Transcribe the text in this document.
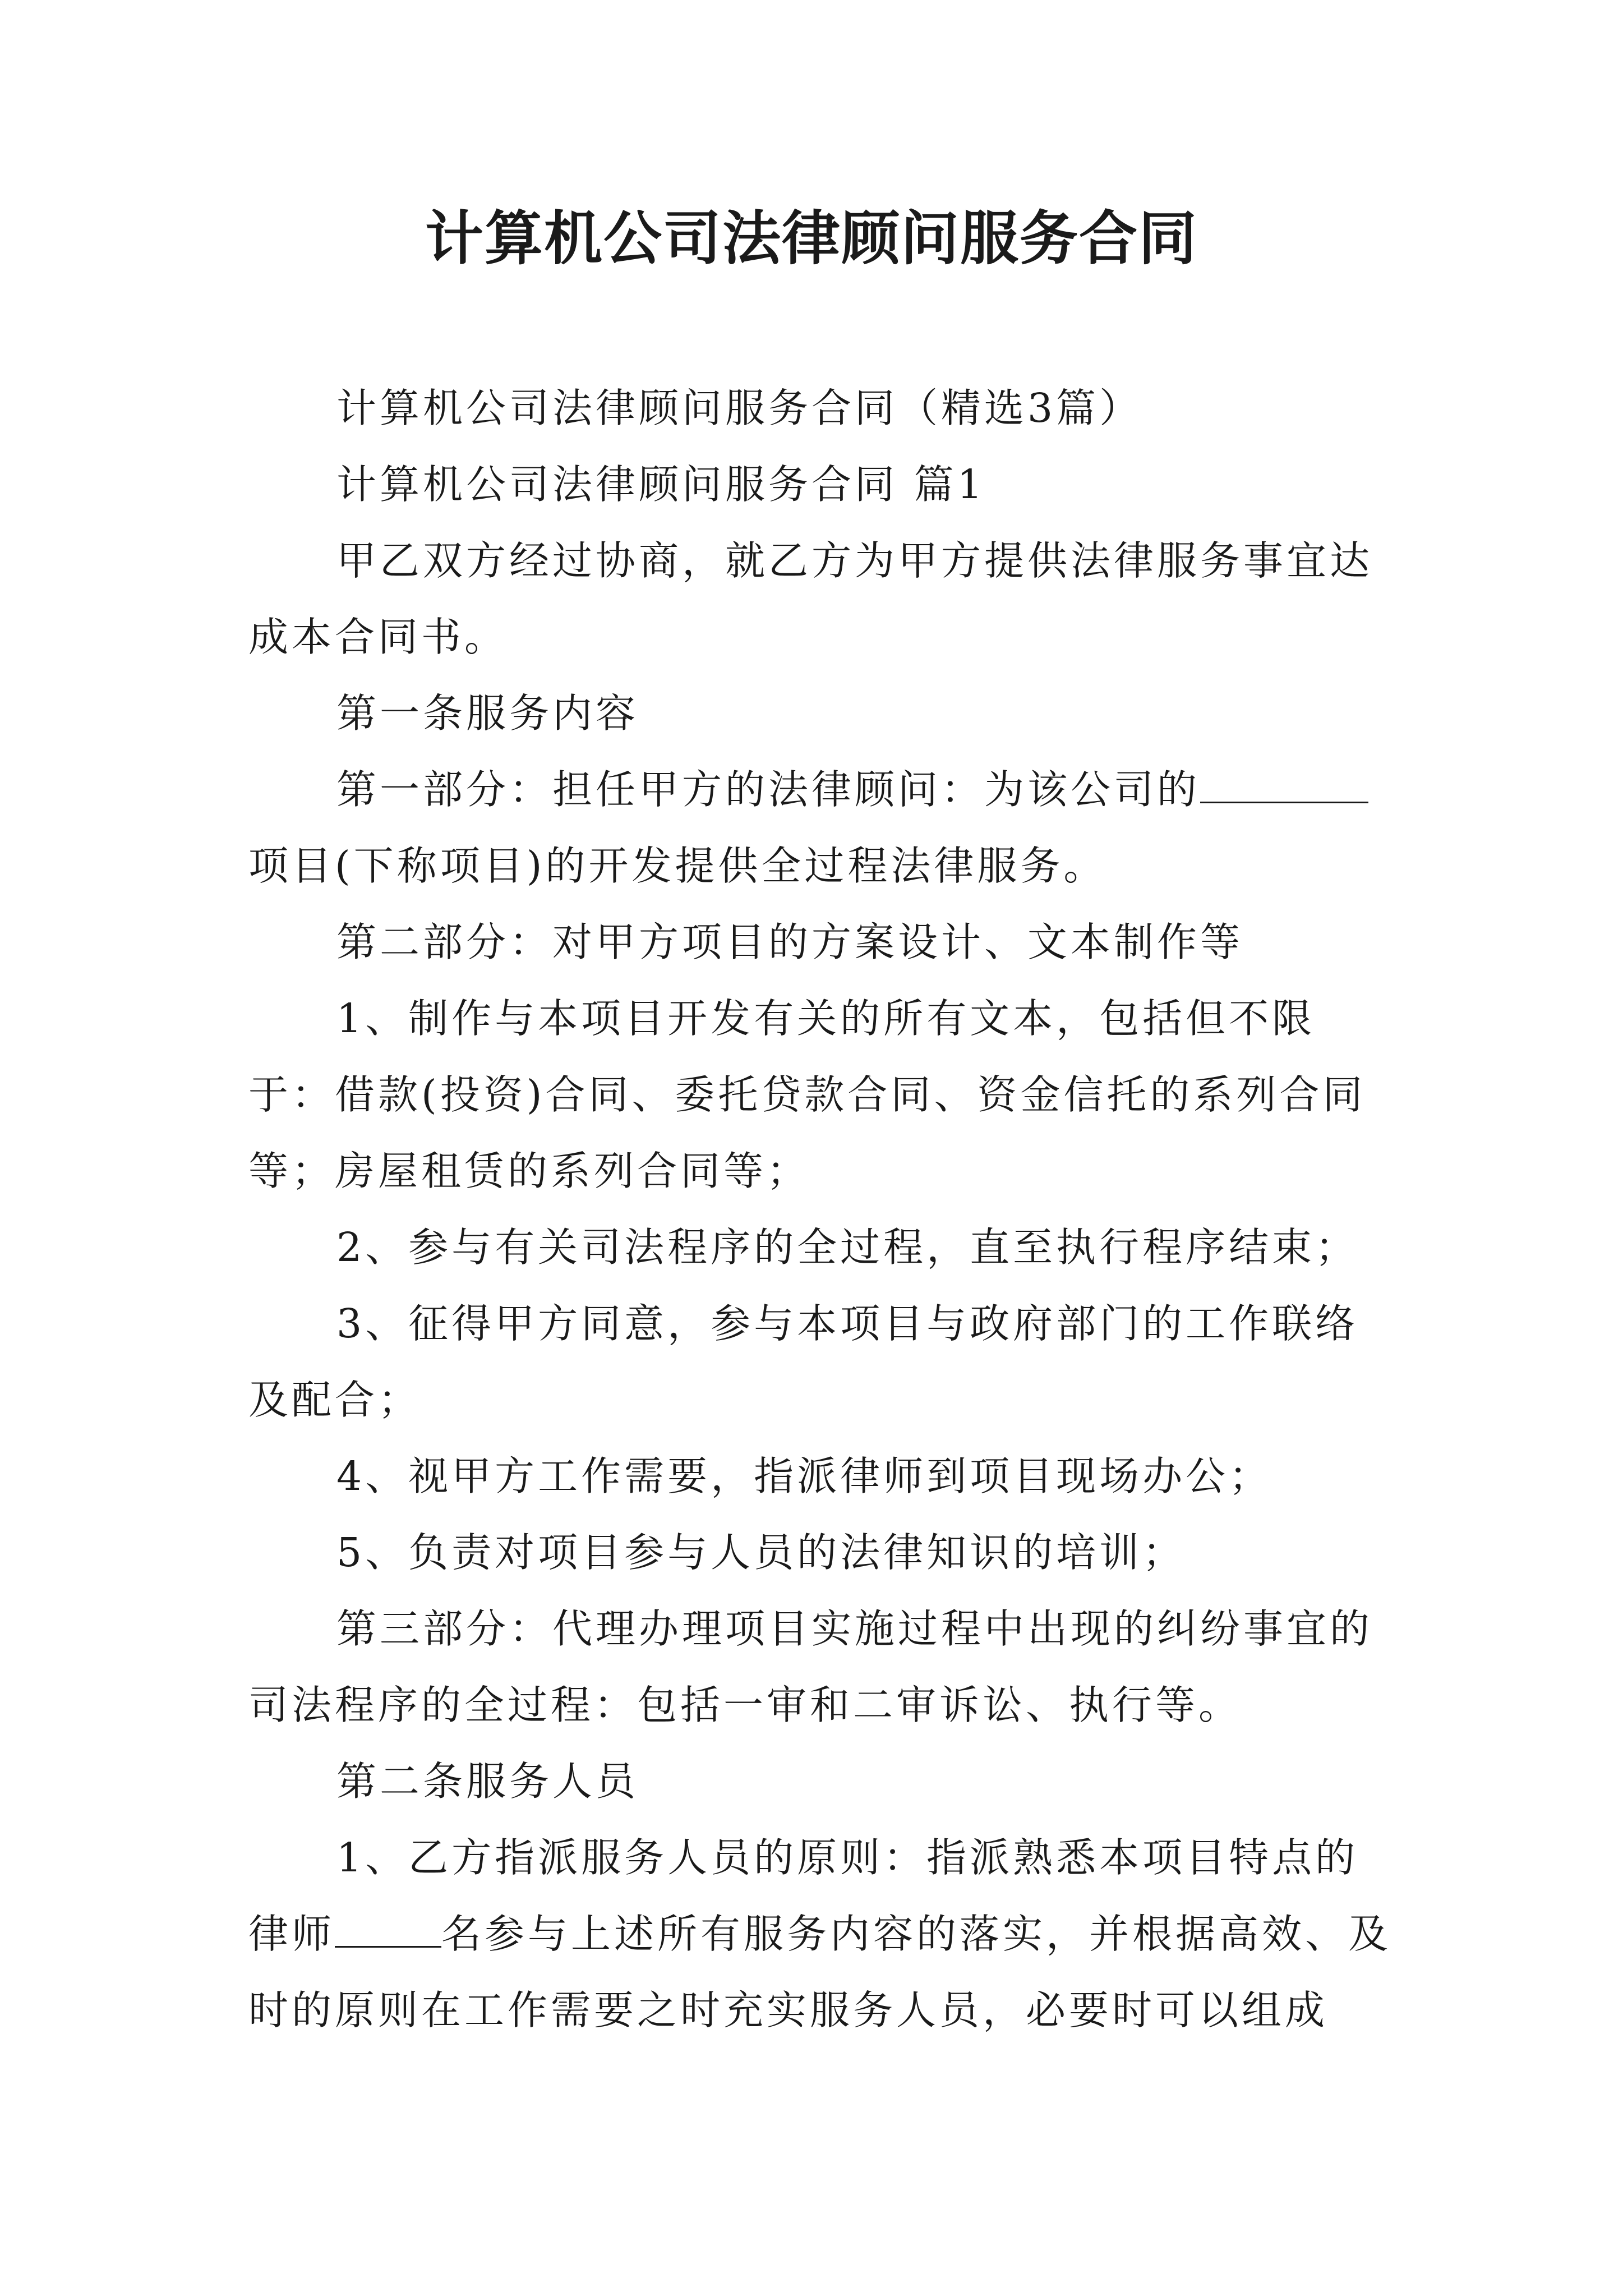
计算机公司法律顾问服务合同

计算机公司法律顾问服务合同（精选3篇）

计算机公司法律顾问服务合同 篇1

甲乙双方经过协商，就乙方为甲方提供法律服务事宜达成本合同书。

第一条服务内容

第一部分：担任甲方的法律顾问：为该公司的项目(下称项目)的开发提供全过程法律服务。

第二部分：对甲方项目的方案设计、文本制作等

1、制作与本项目开发有关的所有文本，包括但不限于：借款(投资)合同、委托贷款合同、资金信托的系列合同等；房屋租赁的系列合同等；

2、参与有关司法程序的全过程，直至执行程序结束；

3、征得甲方同意，参与本项目与政府部门的工作联络及配合；

4、视甲方工作需要，指派律师到项目现场办公；

5、负责对项目参与人员的法律知识的培训；

第三部分：代理办理项目实施过程中出现的纠纷事宜的司法程序的全过程：包括一审和二审诉讼、执行等。

第二条服务人员

1、乙方指派服务人员的原则：指派熟悉本项目特点的律师	名参与上述所有服务内容的落实，并根据高效、及时的原则在工作需要之时充实服务人员，必要时可以组成
